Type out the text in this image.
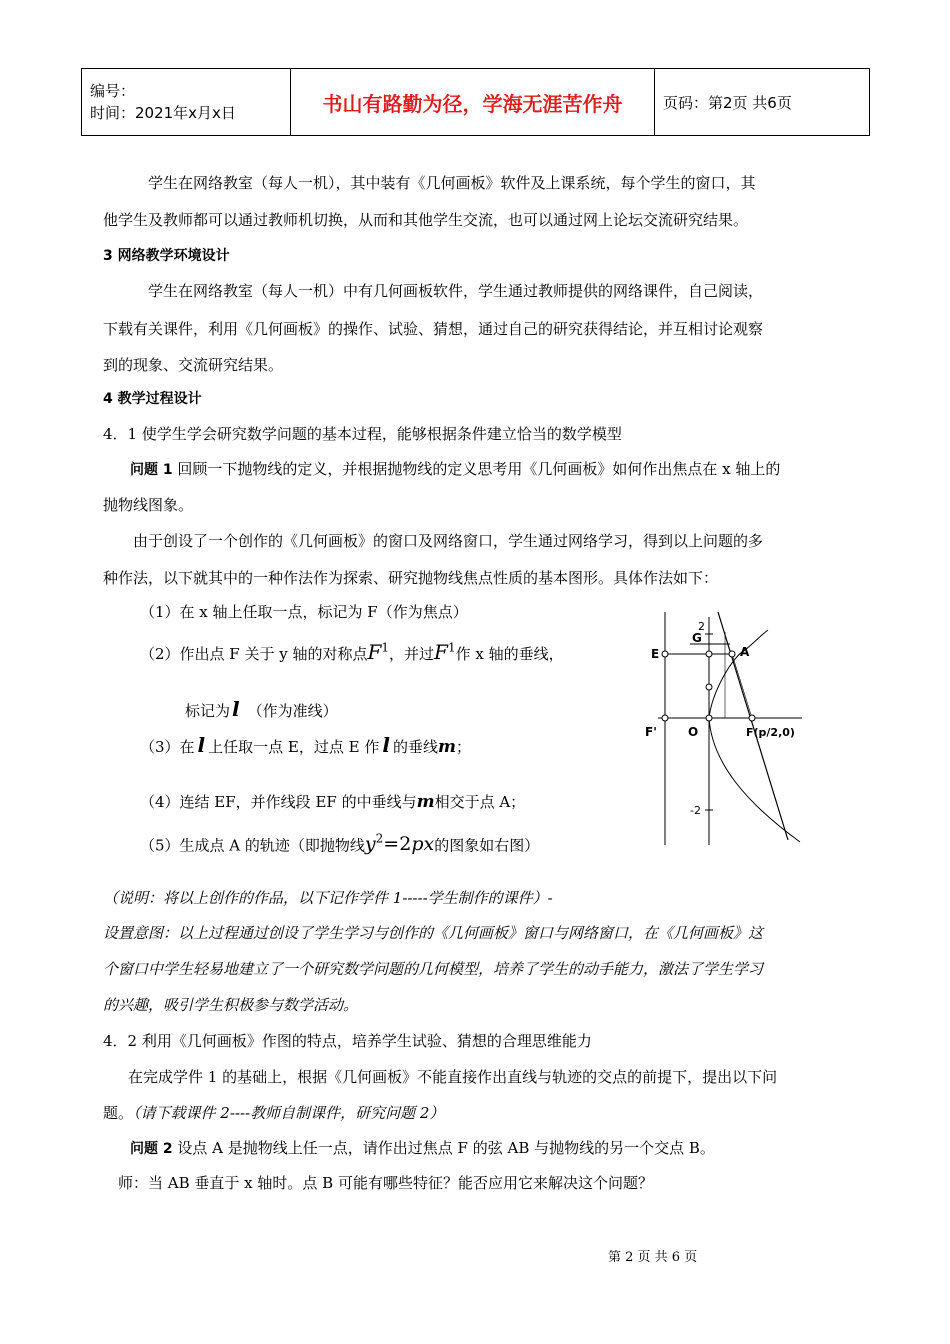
编号：
时间：2021年x月x日	书山有路勤为径，学海无涯苦作舟	页码：第2页 共6页
学生在网络教室（每人一机），其中装有《几何画板》软件及上课系统，每个学生的窗口，其
他学生及教师都可以通过教师机切换，从而和其他学生交流，也可以通过网上论坛交流研究结果。
3 网络教学环境设计
学生在网络教室（每人一机）中有几何画板软件，学生通过教师提供的网络课件，自己阅读，
下载有关课件，利用《几何画板》的操作、试验、猜想，通过自己的研究获得结论，并互相讨论观察
到的现象、交流研究结果。
4 教学过程设计
4．1 使学生学会研究数学问题的基本过程，能够根据条件建立恰当的数学模型
问题 1 回顾一下抛物线的定义，并根据抛物线的定义思考用《几何画板》如何作出焦点在 x 轴上的
抛物线图象。
由于创设了一个创作的《几何画板》的窗口及网络窗口，学生通过网络学习，得到以上问题的多
种作法，以下就其中的一种作法作为探索、研究抛物线焦点性质的基本图形。具体作法如下：
（1）在 x 轴上任取一点，标记为 F（作为焦点）
（2）作出点 F 关于 y 轴的对称点$F^1$，并过$F^1$作 x 轴的垂线，
标记为 l （作为准线）
（3）在 l 上任取一点 E，过点 E 作 l 的垂线m；
（4）连结 EF，并作线段 EF 的中垂线与m相交于点 A；
（5）生成点 A 的轨迹（即抛物线$y^2=2px$的图象如右图）
2
-2
E
G
A
F'	O	F(p/2,0)
（说明：将以上创作的作品，以下记作学件 1-----学生制作的课件）-
设置意图：以上过程通过创设了学生学习与创作的《几何画板》窗口与网络窗口，在《几何画板》这
个窗口中学生轻易地建立了一个研究数学问题的几何模型，培养了学生的动手能力，激法了学生学习
的兴趣，吸引学生积极参与数学活动。
4．2 利用《几何画板》作图的特点，培养学生试验、猜想的合理思维能力
在完成学件 1 的基础上，根据《几何画板》不能直接作出直线与轨迹的交点的前提下，提出以下问
题。（请下载课件 2----教师自制课件，研究问题 2）
问题 2 设点 A 是抛物线上任一点，请作出过焦点 F 的弦 AB 与抛物线的另一个交点 B。
师：当 AB 垂直于 x 轴时。点 B 可能有哪些特征？能否应用它来解决这个问题？
第 2 页 共 6 页
